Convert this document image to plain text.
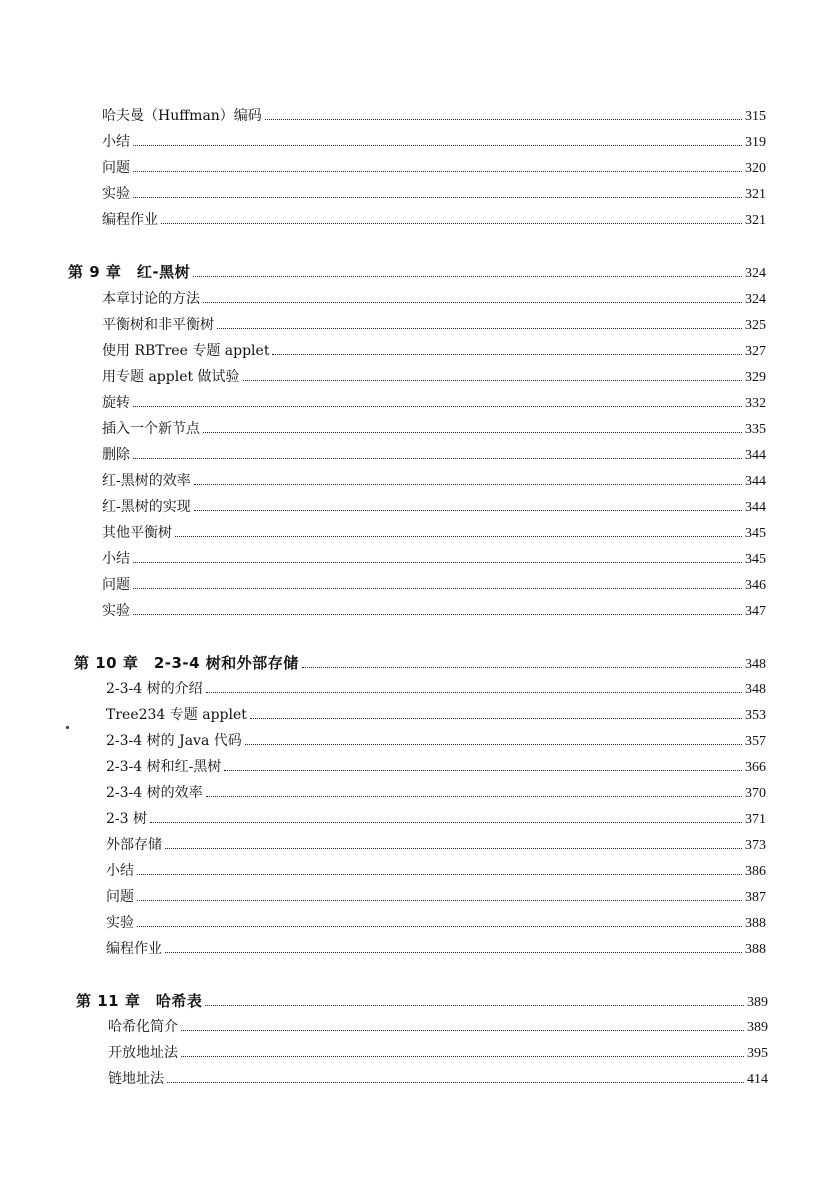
哈夫曼（Huffman）编码	315
小结	319
问题	320
实验	321
编程作业	321
第 9 章　红-黑树	324
本章讨论的方法	324
平衡树和非平衡树	325
使用 RBTree 专题 applet	327
用专题 applet 做试验	329
旋转	332
插入一个新节点	335
删除	344
红-黑树的效率	344
红-黑树的实现	344
其他平衡树	345
小结	345
问题	346
实验	347
第 10 章　2-3-4 树和外部存储	348
2-3-4 树的介绍	348
Tree234 专题 applet	353
2-3-4 树的 Java 代码	357
2-3-4 树和红-黑树	366
2-3-4 树的效率	370
2-3 树	371
外部存储	373
小结	386
问题	387
实验	388
编程作业	388
第 11 章　哈希表	389
哈希化简介	389
开放地址法	395
链地址法	414
